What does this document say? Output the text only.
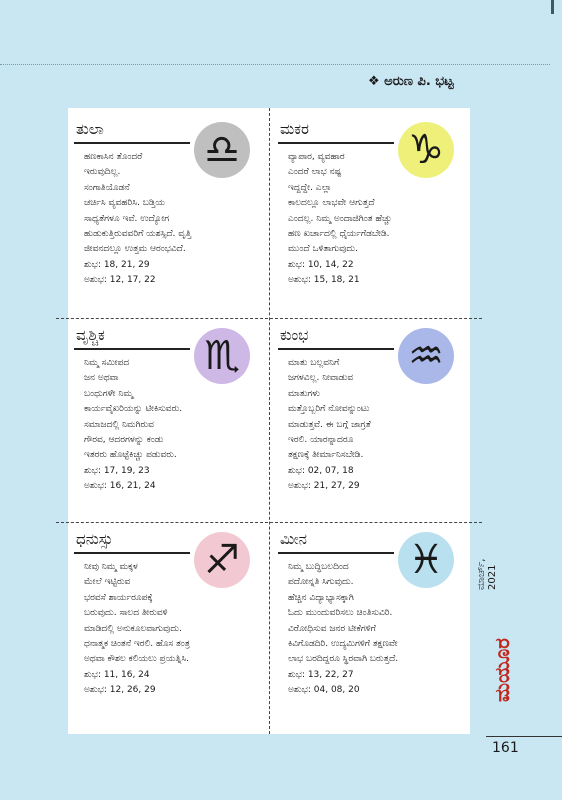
❖ ಅರುಣ ಪಿ. ಭಟ್ಟ
♎
ತುಲಾ
ಹಣಕಾಸಿನ ತೊಂದರೆ
ಇರುವುದಿಲ್ಲ.
ಸಂಗಾತಿಯೊಡನೆ
ಚರ್ಚಿಸಿ ವ್ಯವಹರಿಸಿ. ಬಡ್ತಿಯ
ಸಾಧ್ಯತೆಗಳೂ ಇವೆ. ಉದ್ಯೋಗ
ಹುಡುಕುತ್ತಿರುವವರಿಗೆ ಯಶಸ್ಸಿದೆ. ವೃತ್ತಿ
ಜೀವನದಲ್ಲೂ ಉತ್ತಮ ಆರಂಭವಿದೆ.
ಶುಭ: 18, 21, 29
ಅಶುಭ: 12, 17, 22
♑
ಮಕರ
ವ್ಯಾಪಾರ, ವ್ಯವಹಾರ
ಎಂದರೆ ಲಾಭ ನಷ್ಟ
ಇದ್ದದ್ದೇ. ಎಲ್ಲಾ
ಕಾಲದಲ್ಲೂ ಲಾಭವೇ ಆಗುತ್ತದೆ
ಎಂದಲ್ಲ. ನಿಮ್ಮ ಅಂದಾಜಿಗಿಂತ ಹೆಚ್ಚು
ಹಣ ಖರ್ಚಾದಲ್ಲಿ ಧೈರ್ಯಗೆಡಬೇಡಿ.
ಮುಂದೆ ಒಳಿತಾಗುವುದು.
ಶುಭ: 10, 14, 22
ಅಶುಭ: 15, 18, 21
♏
ವೃಶ್ಚಿಕ
ನಿಮ್ಮ ಸಮೀಪದ
ಜನ ಅಥವಾ
ಬಂಧುಗಳೇ ನಿಮ್ಮ
ಕಾರ್ಯವೈಖರಿಯನ್ನು ಟೀಕಿಸುವರು.
ಸಮಾಜದಲ್ಲಿ ನಿಮಗಿರುವ
ಗೌರವ, ಆದರಗಳನ್ನು ಕಂಡು
ಇತರರು ಹೊಟ್ಟೆಕಿಚ್ಚು ಪಡುವರು.
ಶುಭ: 17, 19, 23
ಅಶುಭ: 16, 21, 24
♒
ಕುಂಭ
ಮಾತು ಬಲ್ಲವನಿಗೆ
ಜಗಳವಿಲ್ಲ. ನೀವಾಡುವ
ಮಾತುಗಳು
ಮತ್ತೊಬ್ಬರಿಗೆ ನೋವನ್ನುಂಟು
ಮಾಡುತ್ತವೆ. ಈ ಬಗ್ಗೆ ಜಾಗ್ರತೆ
ಇರಲಿ. ಯಾರನ್ನಾದರೂ
ತಕ್ಷಣಕ್ಕೆ ತೀರ್ಮಾನಿಸಬೇಡಿ.
ಶುಭ: 02, 07, 18
ಅಶುಭ: 21, 27, 29
♐
ಧನುಸ್ಸು
ನೀವು ನಿಮ್ಮ ಮಕ್ಕಳ
ಮೇಲೆ ಇಟ್ಟಿರುವ
ಭರವಸೆ ಶಾರ್ಯರೂಪಕ್ಕೆ
ಬರುವುದು. ಸಾಲದ ತೀರುವಳಿ
ಮಾಡಿದಲ್ಲಿ ಅನುಕೂಲವಾಗುವುದು.
ಧನಾತ್ಮಕ ಚಿಂತನೆ ಇರಲಿ. ಹೊಸ ತಂತ್ರ
ಅಥವಾ ಕೌಶಲ ಕಲಿಯಲು ಪ್ರಯತ್ನಿಸಿ.
ಶುಭ: 11, 16, 24
ಅಶುಭ: 12, 26, 29
♓
ಮೀನ
ನಿಮ್ಮ ಬುದ್ಧಿಬಲದಿಂದ
ಪದೋನ್ನತಿ ಸಿಗುವುದು.
ಹೆಚ್ಚಿನ ವಿದ್ಯಾಭ್ಯಾಸಕ್ಕಾಗಿ
ಓದು ಮುಂದುವರಿಸಲು ಚಿಂತಿಸುವಿರಿ.
ವಿರೋಧಿಸುವ ಜನರ ಟೀಕೆಗಳಿಗೆ
ಕಿವಿಗೊಡದಿರಿ. ಉದ್ಯಮಿಗಳಿಗೆ ತಕ್ಷಣವೇ
ಲಾಭ ಬರದಿದ್ದರೂ ಸ್ಥಿರವಾಗಿ ಬರುತ್ತದೆ.
ಶುಭ: 13, 22, 27
ಅಶುಭ: 04, 08, 20
ಮಾರ್ಚ್, 2021
ಮಯೂರ
161
